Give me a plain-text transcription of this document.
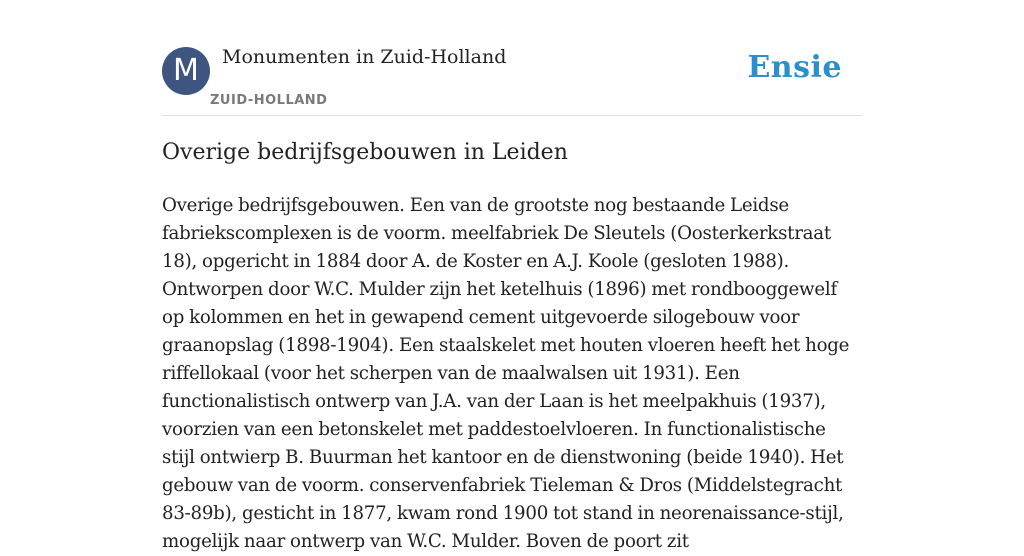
M Monumenten in Zuid-Holland
ZUID-HOLLAND
Ensie
Overige bedrijfsgebouwen in Leiden

Overige bedrijfsgebouwen. Een van de grootste nog bestaande Leidse fabriekscomplexen is de voorm. meelfabriek De Sleutels (Oosterkerkstraat 18), opgericht in 1884 door A. de Koster en A.J. Koole (gesloten 1988). Ontworpen door W.C. Mulder zijn het ketelhuis (1896) met rondbooggewelf op kolommen en het in gewapend cement uitgevoerde silogebouw voor graanopslag (1898-1904). Een staalskelet met houten vloeren heeft het hoge riffellokaal (voor het scherpen van de maalwalsen uit 1931). Een functionalistisch ontwerp van J.A. van der Laan is het meelpakhuis (1937), voorzien van een betonskelet met paddestoelvloeren. In functionalistische stijl ontwierp B. Buurman het kantoor en de dienstwoning (beide 1940). Het gebouw van de voorm. conservenfabriek Tieleman & Dros (Middelstegracht 83-89b), gesticht in 1877, kwam rond 1900 tot stand in neorenaissance-stijl, mogelijk naar ontwerp van W.C. Mulder. Boven de poort zit
